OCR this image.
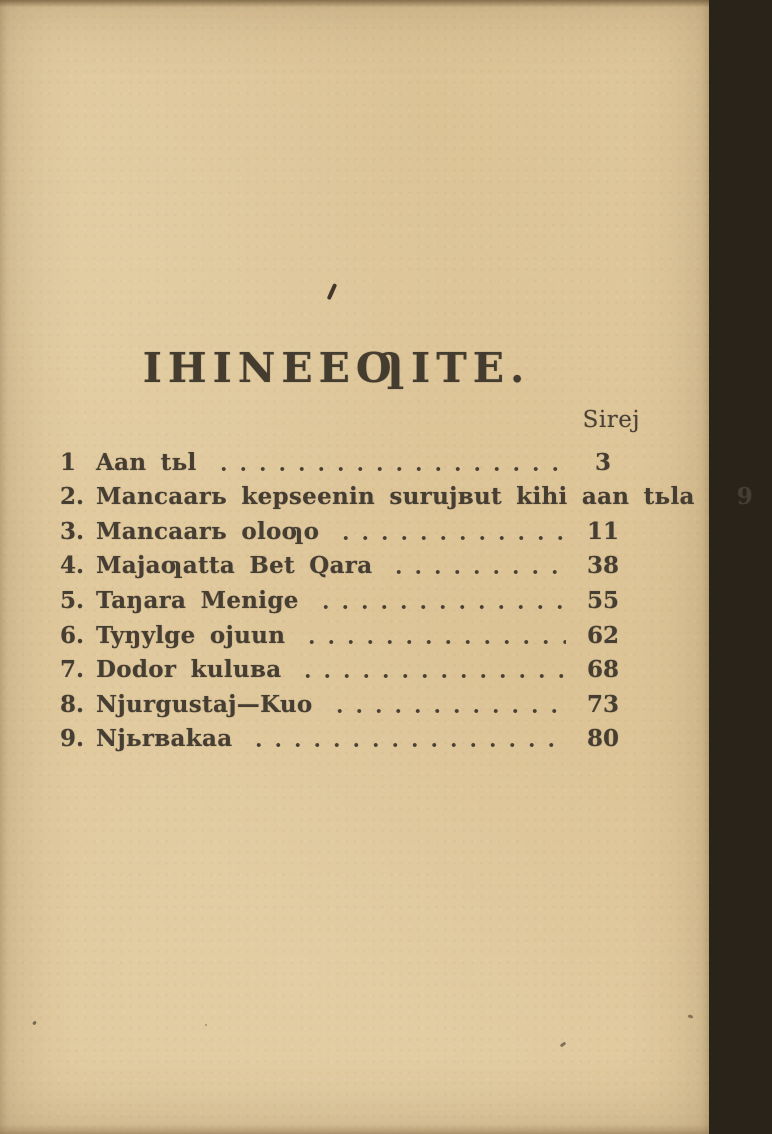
IHINEEƢITE.
Sirej
1 Aan tьl	3
2. Mancaarь kepseenin surujʙut kihi aan tьla	9
3. Mancaarь oloƣo	11
4. Majaƣatta Bet Qara	38
5. Taŋara Menige	55
6. Tyŋylge ojuun	62
7. Dodor kuluʙa	68
8. Njurgustaj—Kuo	73
9. Njьrʙakaa	80
